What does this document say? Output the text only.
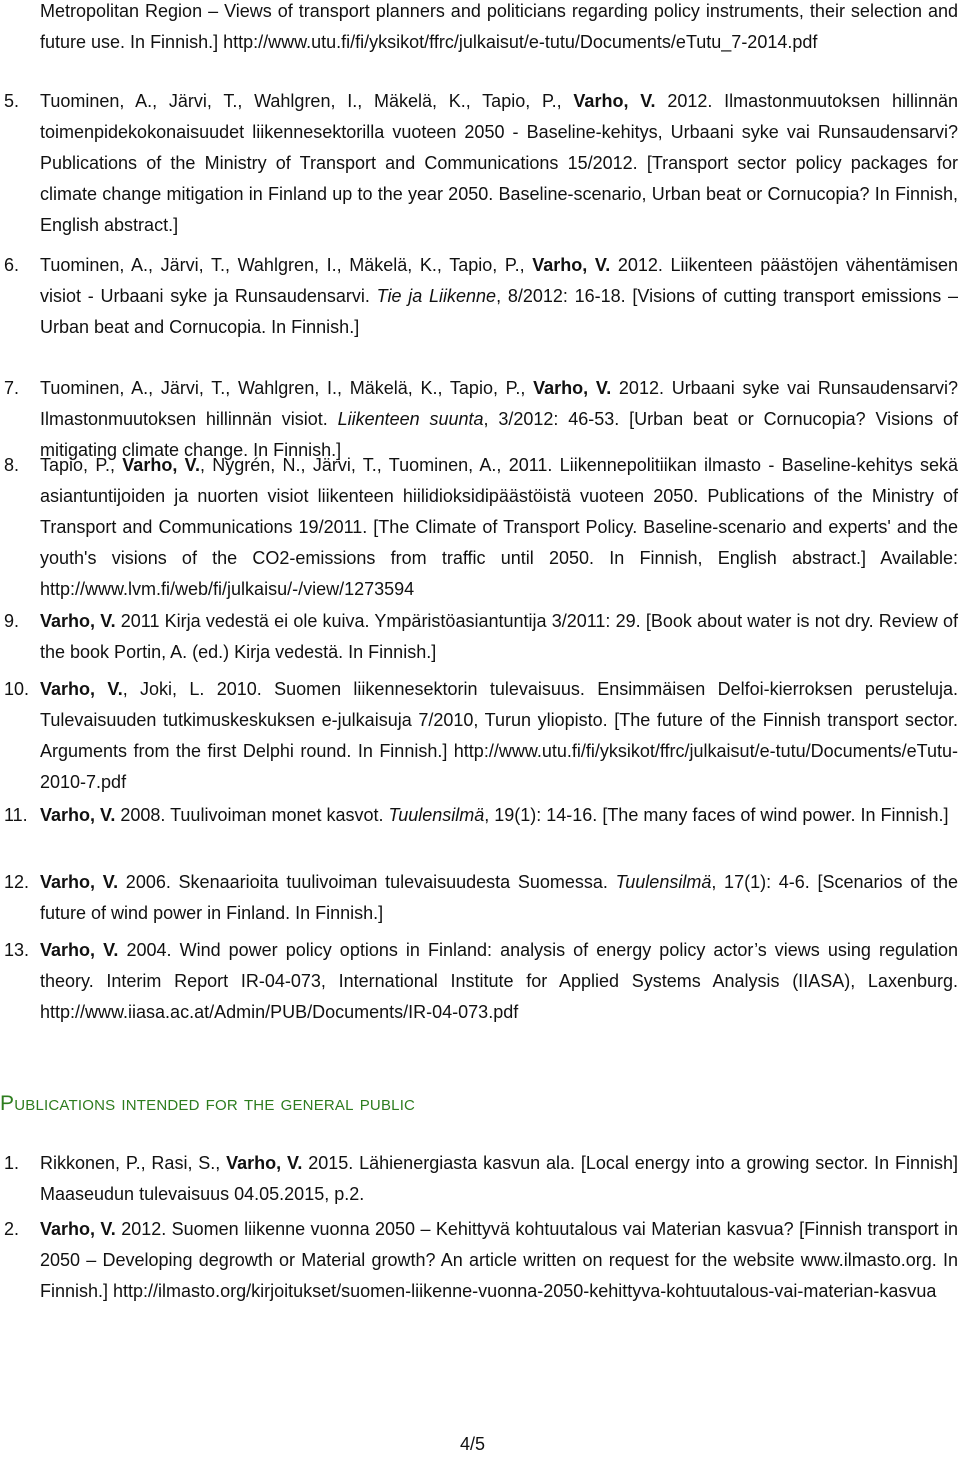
Metropolitan Region – Views of transport planners and politicians regarding policy instruments, their selection and future use. In Finnish.] http://www.utu.fi/fi/yksikot/ffrc/julkaisut/e-tutu/Documents/eTutu_7-2014.pdf
5.	Tuominen, A., Järvi, T., Wahlgren, I., Mäkelä, K., Tapio, P., Varho, V. 2012. Ilmastonmuutoksen hillinnän toimenpidekokonaisuudet liikennesektorilla vuoteen 2050 - Baseline-kehitys, Urbaani syke vai Runsaudensarvi? Publications of the Ministry of Transport and Communications 15/2012. [Transport sector policy packages for climate change mitigation in Finland up to the year 2050. Baseline-scenario, Urban beat or Cornucopia? In Finnish, English abstract.]
6.	Tuominen, A., Järvi, T., Wahlgren, I., Mäkelä, K., Tapio, P., Varho, V. 2012. Liikenteen päästöjen vähentämisen visiot - Urbaani syke ja Runsaudensarvi. Tie ja Liikenne, 8/2012: 16-18. [Visions of cutting transport emissions – Urban beat and Cornucopia. In Finnish.]
7.	Tuominen, A., Järvi, T., Wahlgren, I., Mäkelä, K., Tapio, P., Varho, V. 2012. Urbaani syke vai Runsaudensarvi? Ilmastonmuutoksen hillinnän visiot. Liikenteen suunta, 3/2012: 46-53. [Urban beat or Cornucopia? Visions of mitigating climate change. In Finnish.]
8.	Tapio, P., Varho, V., Nygrén, N., Järvi, T., Tuominen, A., 2011. Liikennepolitiikan ilmasto - Baseline-kehitys sekä asiantuntijoiden ja nuorten visiot liikenteen hiilidioksidipäästöistä vuoteen 2050. Publications of the Ministry of Transport and Communications 19/2011. [The Climate of Transport Policy. Baseline-scenario and experts' and the youth's visions of the CO2-emissions from traffic until 2050. In Finnish, English abstract.] Available: http://www.lvm.fi/web/fi/julkaisu/-/view/1273594
9.	Varho, V. 2011 Kirja vedestä ei ole kuiva. Ympäristöasiantuntija 3/2011: 29. [Book about water is not dry. Review of the book Portin, A. (ed.) Kirja vedestä. In Finnish.]
10. Varho, V., Joki, L. 2010. Suomen liikennesektorin tulevaisuus. Ensimmäisen Delfoi-kierroksen perusteluja. Tulevaisuuden tutkimuskeskuksen e-julkaisuja 7/2010, Turun yliopisto. [The future of the Finnish transport sector. Arguments from the first Delphi round. In Finnish.] http://www.utu.fi/fi/yksikot/ffrc/julkaisut/e-tutu/Documents/eTutu-2010-7.pdf
11. Varho, V. 2008. Tuulivoiman monet kasvot. Tuulensilmä, 19(1): 14-16. [The many faces of wind power. In Finnish.]
12. Varho, V. 2006. Skenaarioita tuulivoiman tulevaisuudesta Suomessa. Tuulensilmä, 17(1): 4-6. [Scenarios of the future of wind power in Finland. In Finnish.]
13. Varho, V. 2004. Wind power policy options in Finland: analysis of energy policy actor’s views using regulation theory. Interim Report IR-04-073, International Institute for Applied Systems Analysis (IIASA), Laxenburg. http://www.iiasa.ac.at/Admin/PUB/Documents/IR-04-073.pdf
Publications intended for the general public
1.	Rikkonen, P., Rasi, S., Varho, V. 2015. Lähienergiasta kasvun ala. [Local energy into a growing sector. In Finnish] Maaseudun tulevaisuus 04.05.2015, p.2.
2.	Varho, V. 2012. Suomen liikenne vuonna 2050 – Kehittyvä kohtuutalous vai Materian kasvua? [Finnish transport in 2050 – Developing degrowth or Material growth? An article written on request for the website www.ilmasto.org. In Finnish.] http://ilmasto.org/kirjoitukset/suomen-liikenne-vuonna-2050-kehittyva-kohtuutalous-vai-materian-kasvua
4/5
